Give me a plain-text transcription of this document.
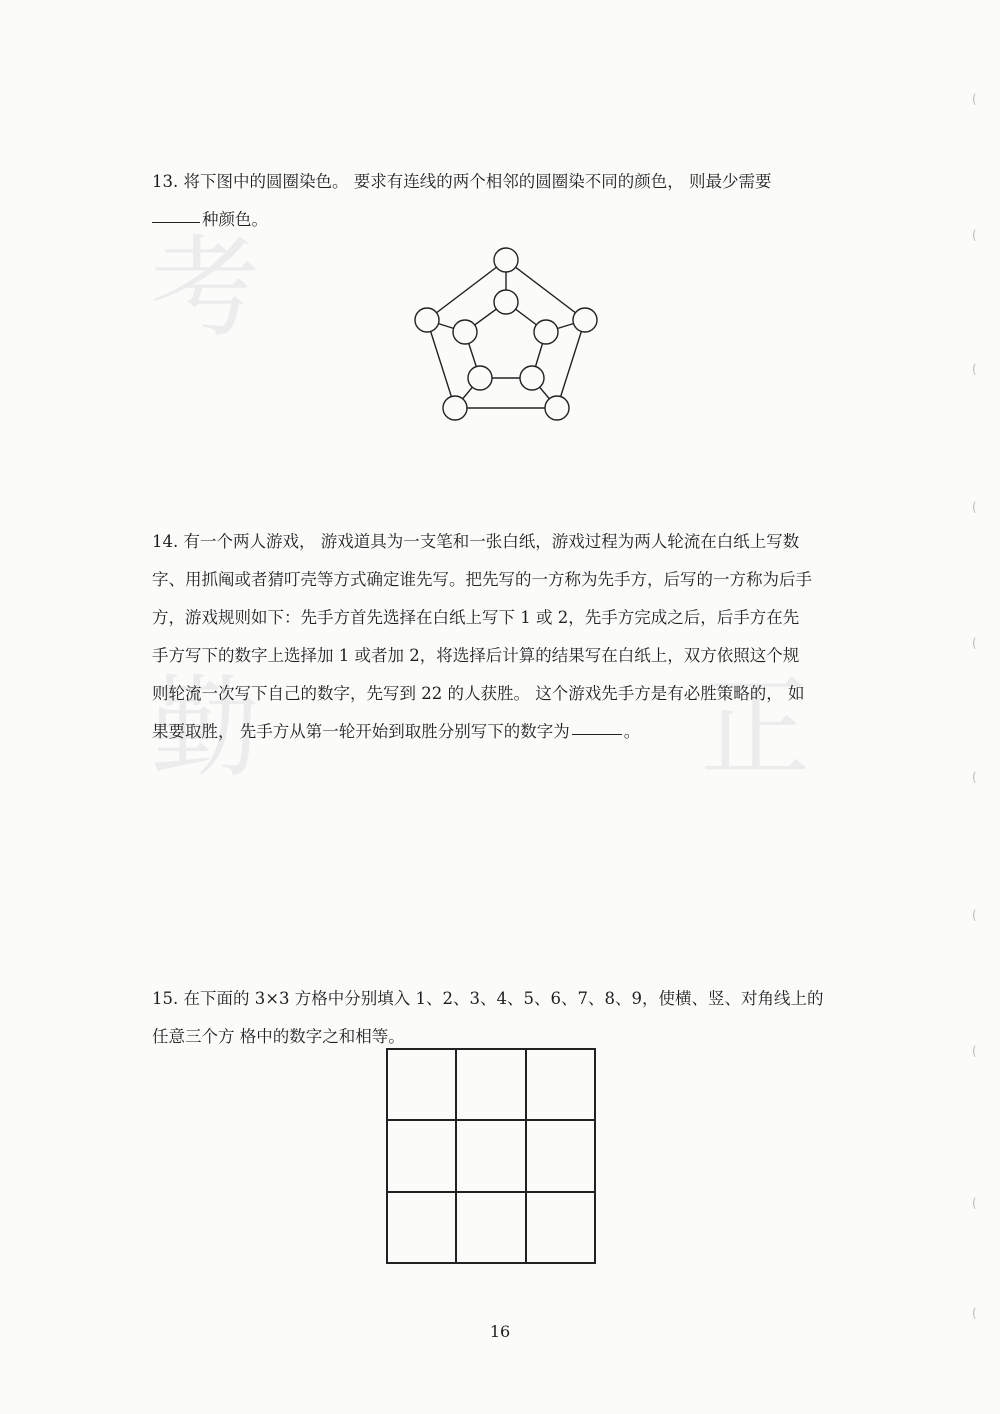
考
勤	正
(
(
(
(
(
(
(
(
(
(
13. 将下图中的圆圈染色。 要求有连线的两个相邻的圆圈染不同的颜色， 则最少需要
种颜色。
14. 有一个两人游戏， 游戏道具为一支笔和一张白纸，游戏过程为两人轮流在白纸上写数
字、用抓阄或者猜叮壳等方式确定谁先写。把先写的一方称为先手方，后写的一方称为后手
方，游戏规则如下：先手方首先选择在白纸上写下 1 或 2，先手方完成之后，后手方在先
手方写下的数字上选择加 1 或者加 2，将选择后计算的结果写在白纸上，双方依照这个规
则轮流一次写下自己的数字，先写到 22 的人获胜。 这个游戏先手方是有必胜策略的， 如
果要取胜， 先手方从第一轮开始到取胜分别写下的数字为	。
15. 在下面的 3×3 方格中分别填入 1、2、3、4、5、6、7、8、9，使横、竖、对角线上的
任意三个方 格中的数字之和相等。
16
